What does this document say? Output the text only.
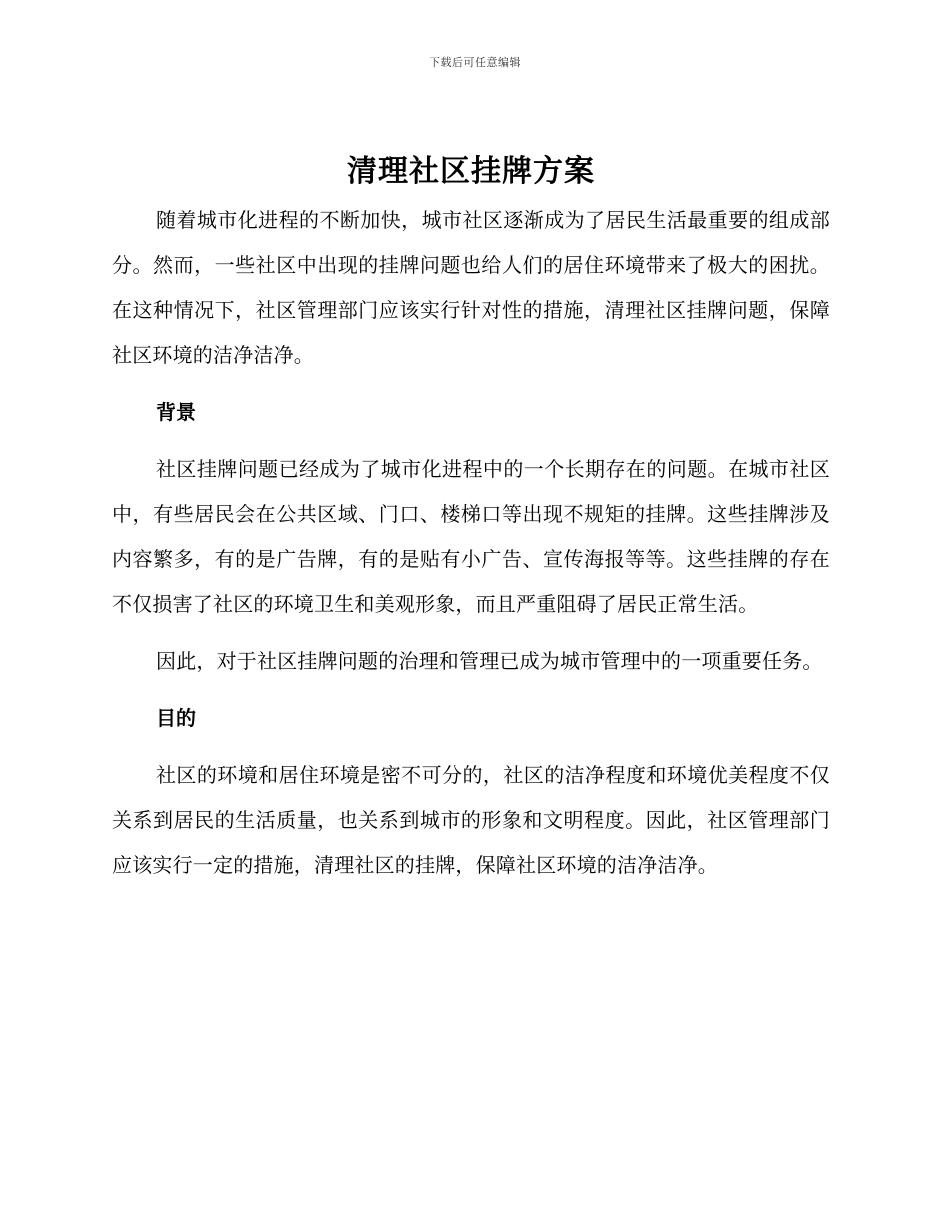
下载后可任意编辑
清理社区挂牌方案

随着城市化进程的不断加快，城市社区逐渐成为了居民生活最重要的组成部分。然而，一些社区中出现的挂牌问题也给人们的居住环境带来了极大的困扰。在这种情况下，社区管理部门应该实行针对性的措施，清理社区挂牌问题，保障社区环境的洁净洁净。

背景

社区挂牌问题已经成为了城市化进程中的一个长期存在的问题。在城市社区中，有些居民会在公共区域、门口、楼梯口等出现不规矩的挂牌。这些挂牌涉及内容繁多，有的是广告牌，有的是贴有小广告、宣传海报等等。这些挂牌的存在不仅损害了社区的环境卫生和美观形象，而且严重阻碍了居民正常生活。

因此，对于社区挂牌问题的治理和管理已成为城市管理中的一项重要任务。

目的

社区的环境和居住环境是密不可分的，社区的洁净程度和环境优美程度不仅关系到居民的生活质量，也关系到城市的形象和文明程度。因此，社区管理部门应该实行一定的措施，清理社区的挂牌，保障社区环境的洁净洁净。
